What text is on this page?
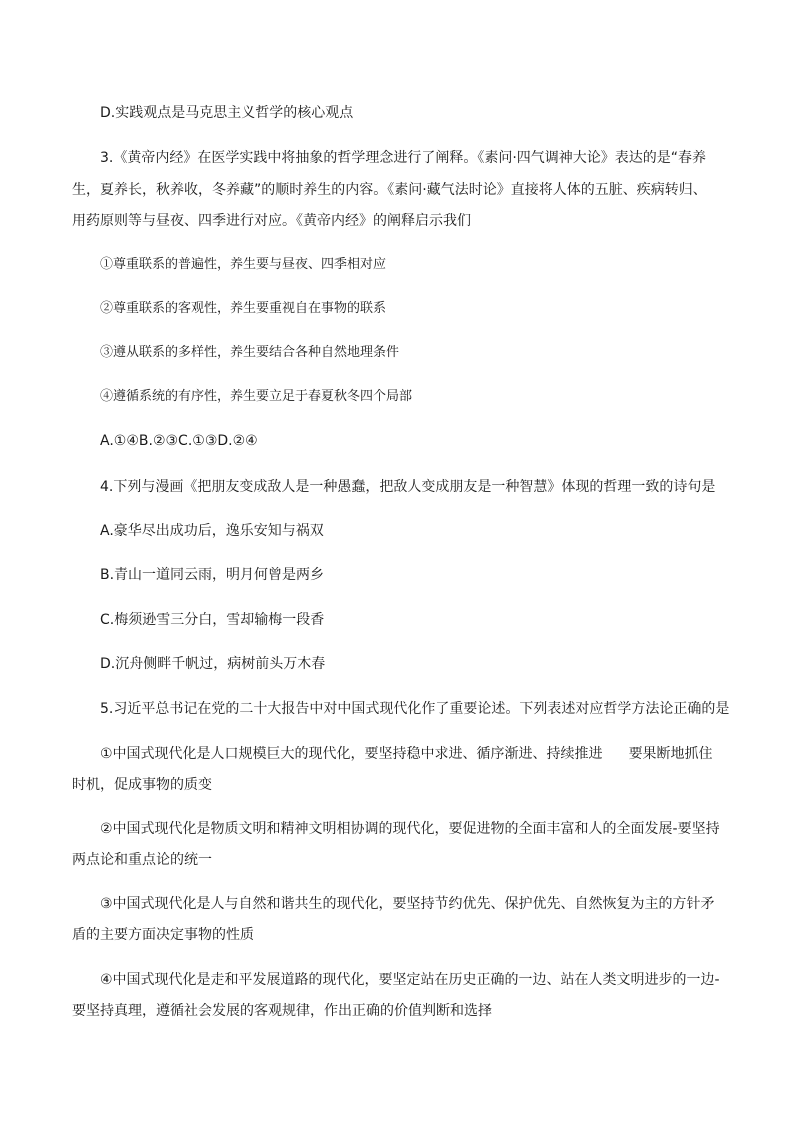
D.实践观点是马克思主义哲学的核心观点
3.《黄帝内经》在医学实践中将抽象的哲学理念进行了阐释。《素问·四气调神大论》表达的是“春养
生，夏养长，秋养收，冬养藏”的顺时养生的内容。《素问·藏气法时论》直接将人体的五脏、疾病转归、
用药原则等与昼夜、四季进行对应。《黄帝内经》的阐释启示我们
①尊重联系的普遍性，养生要与昼夜、四季相对应
②尊重联系的客观性，养生要重视自在事物的联系
③遵从联系的多样性，养生要结合各种自然地理条件
④遵循系统的有序性，养生要立足于春夏秋冬四个局部
A.①④B.②③C.①③D.②④
4.下列与漫画《把朋友变成敌人是一种愚蠢，把敌人变成朋友是一种智慧》体现的哲理一致的诗句是
A.豪华尽出成功后，逸乐安知与祸双
B.青山一道同云雨，明月何曾是两乡
C.梅须逊雪三分白，雪却输梅一段香
D.沉舟侧畔千帆过，病树前头万木春
5.习近平总书记在党的二十大报告中对中国式现代化作了重要论述。下列表述对应哲学方法论正确的是
①中国式现代化是人口规模巨大的现代化，要坚持稳中求进、循序渐进、持续推进 要果断地抓住
时机，促成事物的质变
②中国式现代化是物质文明和精神文明相协调的现代化，要促进物的全面丰富和人的全面发展-要坚持
两点论和重点论的统一
③中国式现代化是人与自然和谐共生的现代化，要坚持节约优先、保护优先、自然恢复为主的方针矛
盾的主要方面决定事物的性质
④中国式现代化是走和平发展道路的现代化，要坚定站在历史正确的一边、站在人类文明进步的一边-
要坚持真理，遵循社会发展的客观规律，作出正确的价值判断和选择
